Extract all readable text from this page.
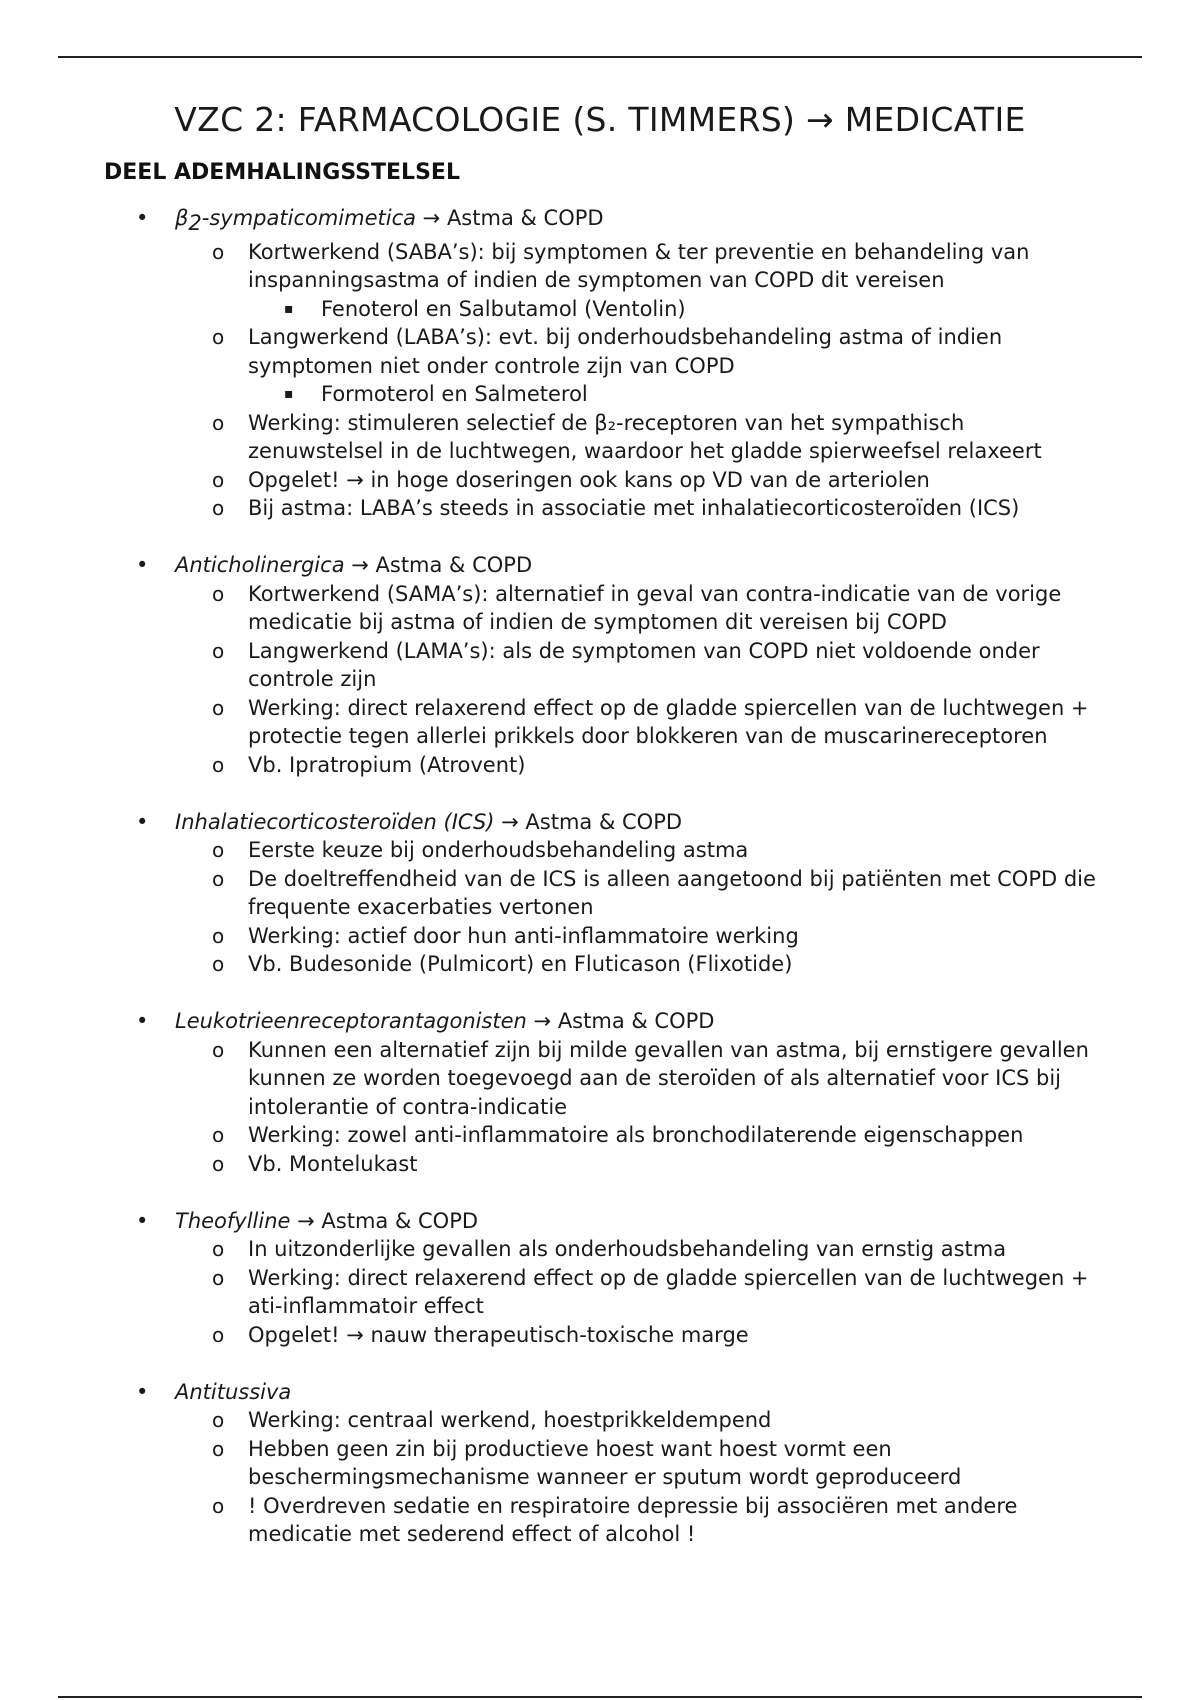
VZC 2: FARMACOLOGIE (S. TIMMERS) → MEDICATIE
DEEL ADEMHALINGSSTELSEL
• $\beta_2$-sympaticomimetica → Astma & COPD
o Kortwerkend (SABA’s): bij symptomen & ter preventie en behandeling van inspanningsastma of indien de symptomen van COPD dit vereisen
▪ Fenoterol en Salbutamol (Ventolin)
o Langwerkend (LABA’s): evt. bij onderhoudsbehandeling astma of indien symptomen niet onder controle zijn van COPD
▪ Formoterol en Salmeterol
o Werking: stimuleren selectief de β₂-receptoren van het sympathisch zenuwstelsel in de luchtwegen, waardoor het gladde spierweefsel relaxeert
o Opgelet! → in hoge doseringen ook kans op VD van de arteriolen
o Bij astma: LABA’s steeds in associatie met inhalatiecorticosteroïden (ICS)
• Anticholinergica → Astma & COPD
o Kortwerkend (SAMA’s): alternatief in geval van contra-indicatie van de vorige medicatie bij astma of indien de symptomen dit vereisen bij COPD
o Langwerkend (LAMA’s): als de symptomen van COPD niet voldoende onder controle zijn
o Werking: direct relaxerend effect op de gladde spiercellen van de luchtwegen + protectie tegen allerlei prikkels door blokkeren van de muscarinereceptoren
o Vb. Ipratropium (Atrovent)
• Inhalatiecorticosteroïden (ICS) → Astma & COPD
o Eerste keuze bij onderhoudsbehandeling astma
o De doeltreffendheid van de ICS is alleen aangetoond bij patiënten met COPD die frequente exacerbaties vertonen
o Werking: actief door hun anti-inflammatoire werking
o Vb. Budesonide (Pulmicort) en Fluticason (Flixotide)
• Leukotrieenreceptorantagonisten → Astma & COPD
o Kunnen een alternatief zijn bij milde gevallen van astma, bij ernstigere gevallen kunnen ze worden toegevoegd aan de steroïden of als alternatief voor ICS bij intolerantie of contra-indicatie
o Werking: zowel anti-inflammatoire als bronchodilaterende eigenschappen
o Vb. Montelukast
• Theofylline → Astma & COPD
o In uitzonderlijke gevallen als onderhoudsbehandeling van ernstig astma
o Werking: direct relaxerend effect op de gladde spiercellen van de luchtwegen + ati-inflammatoir effect
o Opgelet! → nauw therapeutisch-toxische marge
• Antitussiva
o Werking: centraal werkend, hoestprikkeldempend
o Hebben geen zin bij productieve hoest want hoest vormt een beschermingsmechanisme wanneer er sputum wordt geproduceerd
o ! Overdreven sedatie en respiratoire depressie bij associëren met andere medicatie met sederend effect of alcohol !
